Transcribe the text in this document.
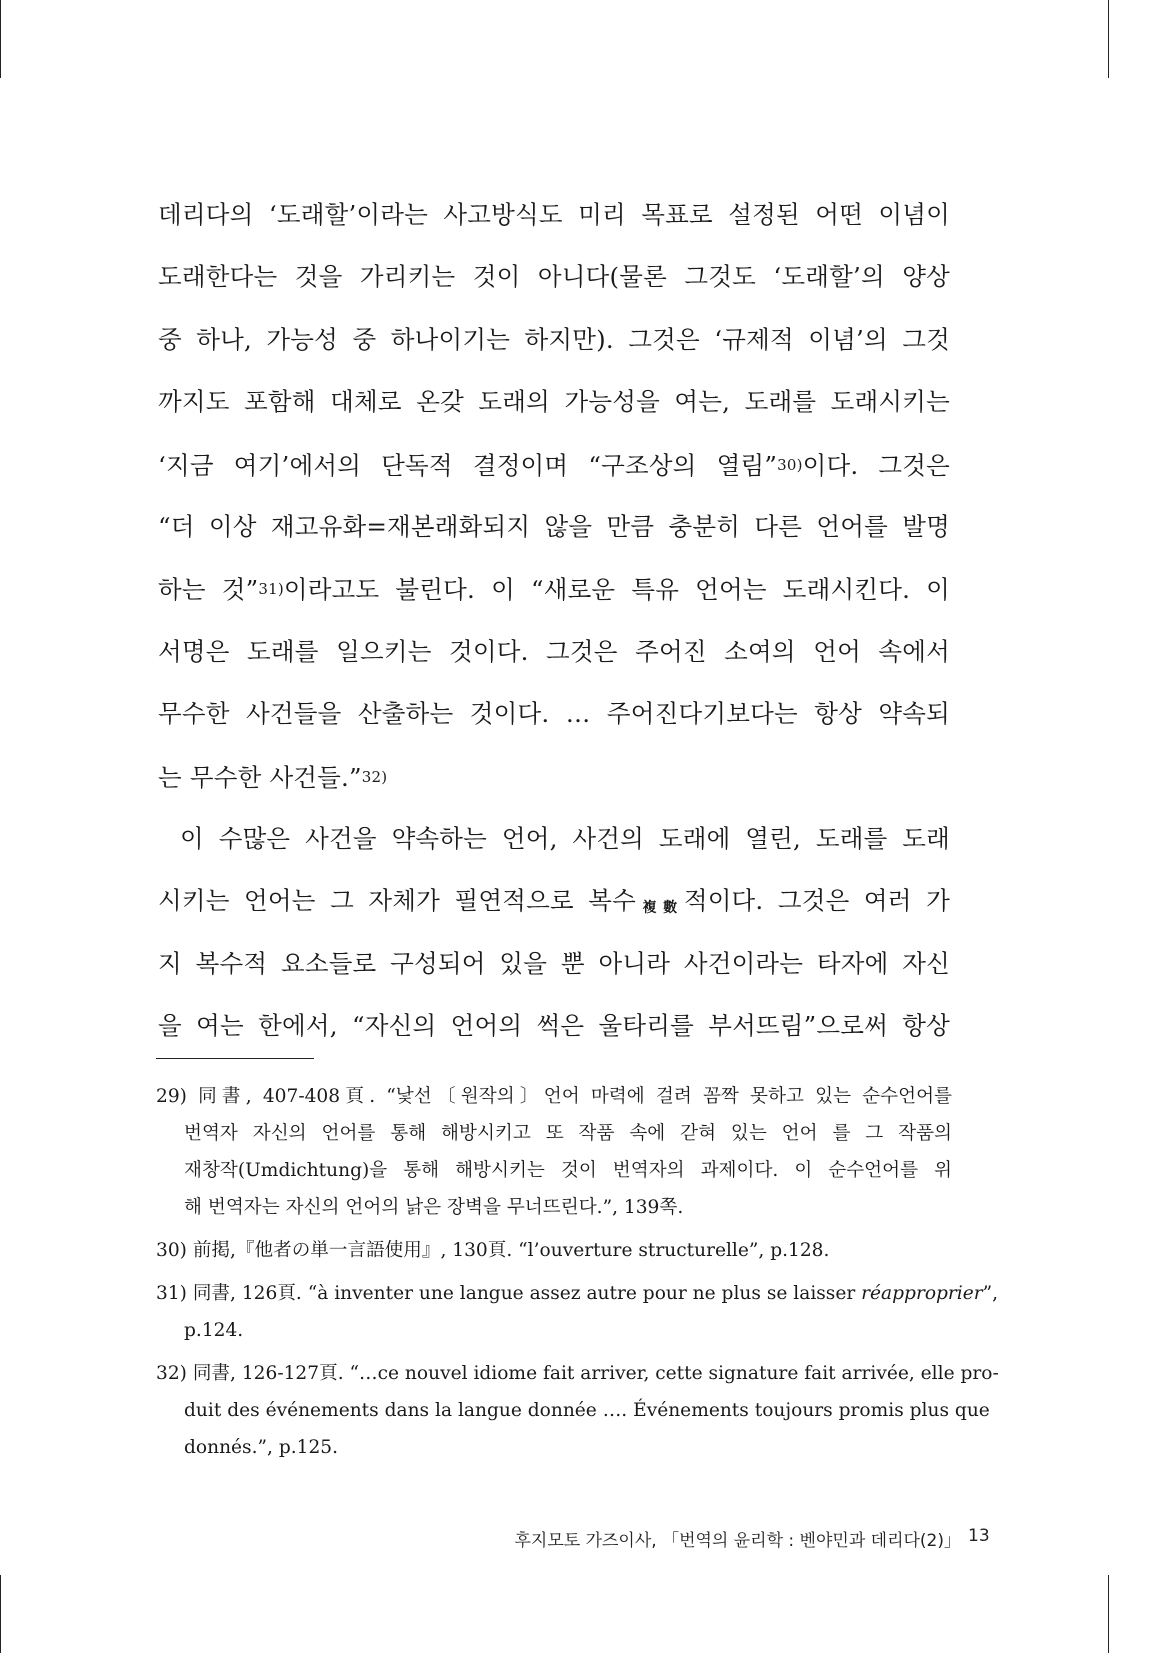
데리다의 ‘도래할’이라는 사고방식도 미리 목표로 설정된 어떤 이념이
도래한다는 것을 가리키는 것이 아니다(물론 그것도 ‘도래할’의 양상
중 하나, 가능성 중 하나이기는 하지만). 그것은 ‘규제적 이념’의 그것
까지도 포함해 대체로 온갖 도래의 가능성을 여는, 도래를 도래시키는
‘지금 여기’에서의 단독적 결정이며 “구조상의 열림”$^{30)}$이다. 그것은
“더 이상 재고유화=재본래화되지 않을 만큼 충분히 다른 언어를 발명
하는 것”$^{31)}$이라고도 불린다. 이 “새로운 특유 언어는 도래시킨다. 이
서명은 도래를 일으키는 것이다. 그것은 주어진 소여의 언어 속에서
무수한 사건들을 산출하는 것이다. … 주어진다기보다는 항상 약속되
는 무수한 사건들.”$^{32)}$
이 수많은 사건을 약속하는 언어, 사건의 도래에 열린, 도래를 도래
시키는 언어는 그 자체가 필연적으로 복수複數적이다. 그것은 여러 가
지 복수적 요소들로 구성되어 있을 뿐 아니라 사건이라는 타자에 자신
을 여는 한에서, “자신의 언어의 썩은 울타리를 부서뜨림”으로써 항상
29) 同書, 407-408頁. “낯선〔원작의〕언어 마력에 걸려 꼼짝 못하고 있는 순수언어를
번역자 자신의 언어를 통해 해방시키고 또 작품 속에 갇혀 있는 언어 를 그 작품의
재창작(Umdichtung)을 통해 해방시키는 것이 번역자의 과제이다. 이 순수언어를 위
해 번역자는 자신의 언어의 낡은 장벽을 무너뜨린다.”, 139쪽.
30) 前掲,『他者の単一言語使用』, 130頁. “l’ouverture structurelle”, p.128.
31) 同書, 126頁. “à inventer une langue assez autre pour ne plus se laisser réapproprier”,
p.124.
32) 同書, 126-127頁. “…ce nouvel idiome fait arriver, cette signature fait arrivée, elle pro-
duit des événements dans la langue donnée …. Événements toujours promis plus que
donnés.”, p.125.
후지모토 가즈이사, 「번역의 윤리학 : 벤야민과 데리다(2)」 13
